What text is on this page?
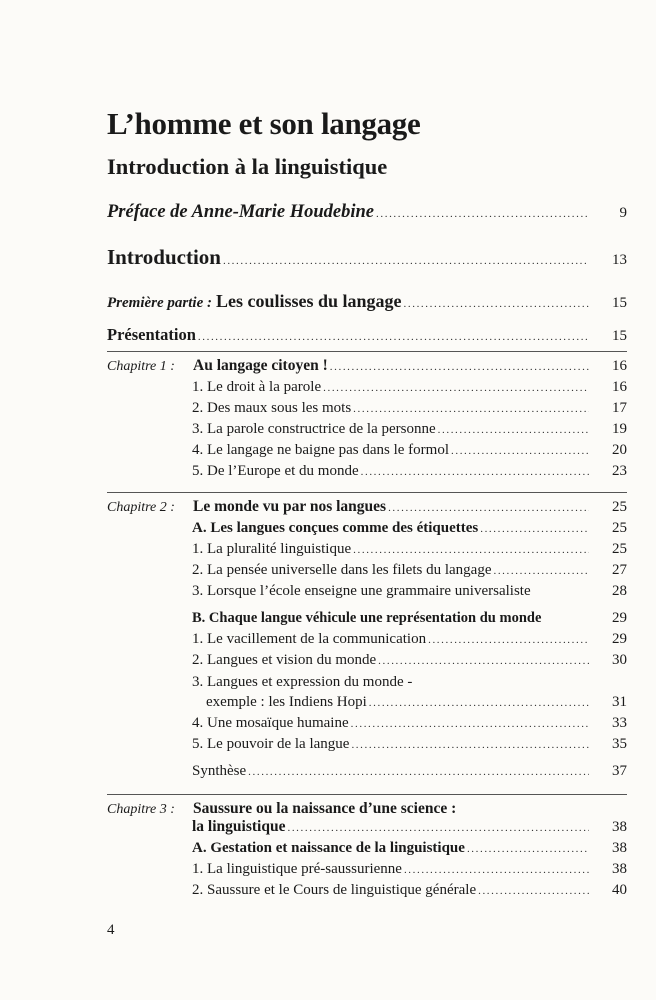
L’homme et son langage
Introduction à la linguistique
Préface de Anne-Marie Houdebine .....	9
Introduction .....	13
Première partie : Les coulisses du langage .....	15
Présentation .....	15
Chapitre 1 : Au langage citoyen ! .....	16
1. Le droit à la parole .....	16
2. Des maux sous les mots .....	17
3. La parole constructrice de la personne .....	19
4. Le langage ne baigne pas dans le formol .....	20
5. De l’Europe et du monde .....	23
Chapitre 2 : Le monde vu par nos langues .....	25
A. Les langues conçues comme des étiquettes .....	25
1. La pluralité linguistique .....	25
2. La pensée universelle dans les filets du langage .....	27
3. Lorsque l’école enseigne une grammaire universaliste	28
B. Chaque langue véhicule une représentation du monde	29
1. Le vacillement de la communication .....	29
2. Langues et vision du monde .....	30
3. Langues et expression du monde -
exemple : les Indiens Hopi .....	31
4. Une mosaïque humaine .....	33
5. Le pouvoir de la langue .....	35
Synthèse .....	37
Chapitre 3 : Saussure ou la naissance d’une science :
la linguistique .....	38
A. Gestation et naissance de la linguistique .....	38
1. La linguistique pré-saussurienne .....	38
2. Saussure et le Cours de linguistique générale .....	40
4
